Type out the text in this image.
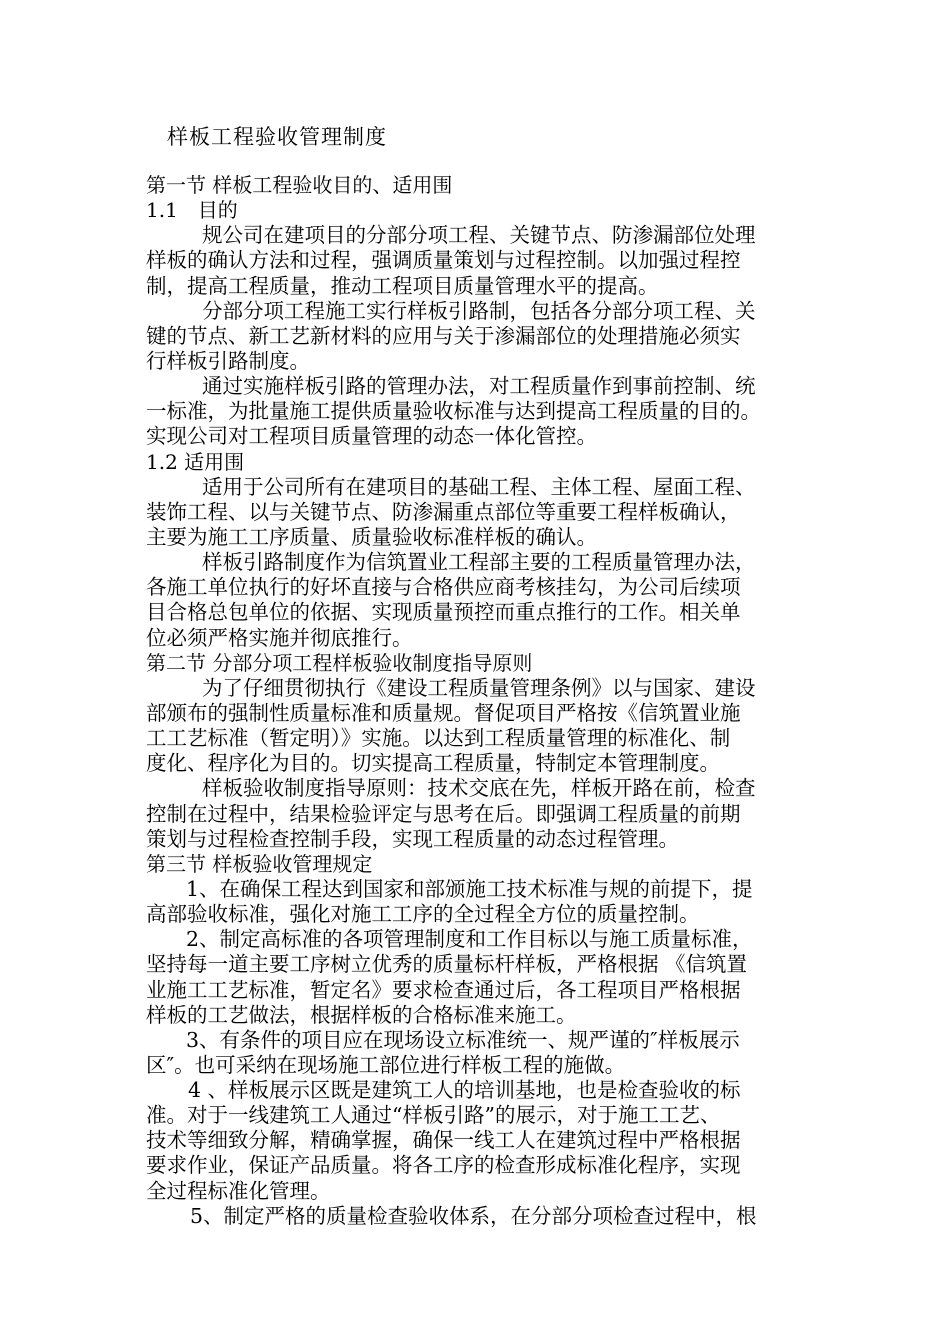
样板工程验收管理制度
第一节 样板工程验收目的、适用围
1.1　目的
规公司在建项目的分部分项工程、关键节点、防渗漏部位处理
样板的确认方法和过程，强调质量策划与过程控制。以加强过程控
制，提高工程质量，推动工程项目质量管理水平的提高。
分部分项工程施工实行样板引路制，包括各分部分项工程、关
键的节点、新工艺新材料的应用与关于渗漏部位的处理措施必须实
行样板引路制度。
通过实施样板引路的管理办法，对工程质量作到事前控制、统
一标准，为批量施工提供质量验收标准与达到提高工程质量的目的。
实现公司对工程项目质量管理的动态一体化管控。
1.2 适用围
适用于公司所有在建项目的基础工程、主体工程、屋面工程、
装饰工程、以与关键节点、防渗漏重点部位等重要工程样板确认，
主要为施工工序质量、质量验收标准样板的确认。
样板引路制度作为信筑置业工程部主要的工程质量管理办法，
各施工单位执行的好坏直接与合格供应商考核挂勾，为公司后续项
目合格总包单位的依据、实现质量预控而重点推行的工作。相关单
位必须严格实施并彻底推行。
第二节 分部分项工程样板验收制度指导原则
为了仔细贯彻执行《建设工程质量管理条例》以与国家、建设
部颁布的强制性质量标准和质量规。督促项目严格按《信筑置业施
工工艺标准（暂定明）》实施。以达到工程质量管理的标准化、制
度化、程序化为目的。切实提高工程质量，特制定本管理制度。
样板验收制度指导原则：技术交底在先，样板开路在前，检查
控制在过程中，结果检验评定与思考在后。即强调工程质量的前期
策划与过程检查控制手段，实现工程质量的动态过程管理。
第三节 样板验收管理规定
1、在确保工程达到国家和部颁施工技术标准与规的前提下，提
高部验收标准，强化对施工工序的全过程全方位的质量控制。
2、制定高标准的各项管理制度和工作目标以与施工质量标准，
坚持每一道主要工序树立优秀的质量标杆样板，严格根据 《信筑置
业施工工艺标准，暂定名》要求检查通过后，各工程项目严格根据
样板的工艺做法，根据样板的合格标准来施工。
3、有条件的项目应在现场设立标准统一、规严谨的″样板展示
区″。也可采纳在现场施工部位进行样板工程的施做。
4 、样板展示区既是建筑工人的培训基地，也是检查验收的标
准。对于一线建筑工人通过“样板引路”的展示，对于施工工艺、
技术等细致分解，精确掌握，确保一线工人在建筑过程中严格根据
要求作业，保证产品质量。将各工序的检查形成标准化程序，实现
全过程标准化管理。
5、制定严格的质量检查验收体系，在分部分项检查过程中，根
